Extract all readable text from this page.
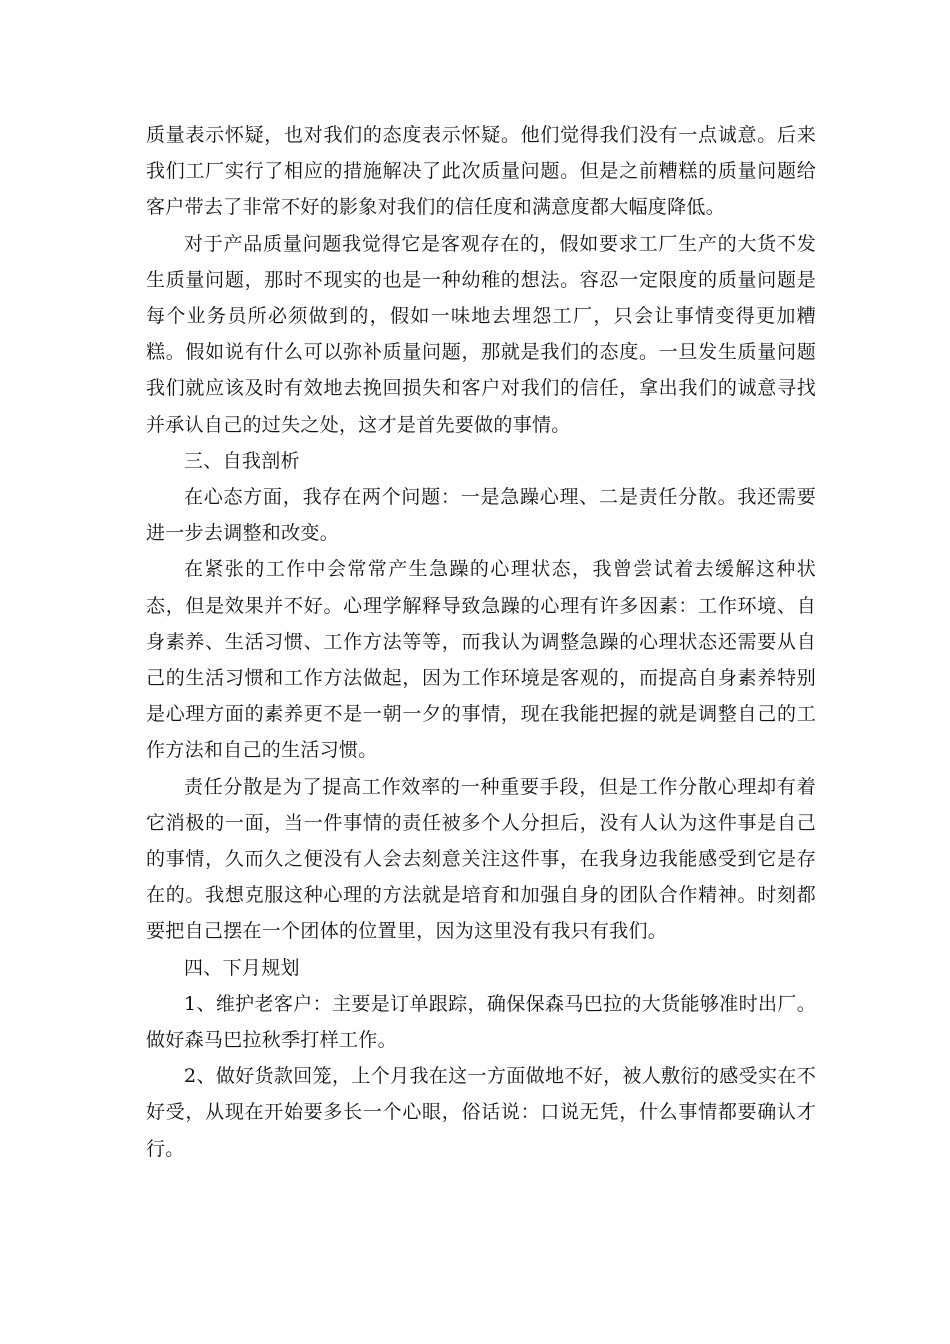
质量表示怀疑，也对我们的态度表示怀疑。他们觉得我们没有一点诚意。后来我们工厂实行了相应的措施解决了此次质量问题。但是之前糟糕的质量问题给客户带去了非常不好的影象对我们的信任度和满意度都大幅度降低。

对于产品质量问题我觉得它是客观存在的，假如要求工厂生产的大货不发生质量问题，那时不现实的也是一种幼稚的想法。容忍一定限度的质量问题是每个业务员所必须做到的，假如一味地去埋怨工厂，只会让事情变得更加糟糕。假如说有什么可以弥补质量问题，那就是我们的态度。一旦发生质量问题我们就应该及时有效地去挽回损失和客户对我们的信任，拿出我们的诚意寻找并承认自己的过失之处，这才是首先要做的事情。

三、自我剖析

在心态方面，我存在两个问题：一是急躁心理、二是责任分散。我还需要进一步去调整和改变。

在紧张的工作中会常常产生急躁的心理状态，我曾尝试着去缓解这种状态，但是效果并不好。心理学解释导致急躁的心理有许多因素：工作环境、自身素养、生活习惯、工作方法等等，而我认为调整急躁的心理状态还需要从自己的生活习惯和工作方法做起，因为工作环境是客观的，而提高自身素养特别是心理方面的素养更不是一朝一夕的事情，现在我能把握的就是调整自己的工作方法和自己的生活习惯。

责任分散是为了提高工作效率的一种重要手段，但是工作分散心理却有着它消极的一面，当一件事情的责任被多个人分担后，没有人认为这件事是自己的事情，久而久之便没有人会去刻意关注这件事，在我身边我能感受到它是存在的。我想克服这种心理的方法就是培育和加强自身的团队合作精神。时刻都要把自己摆在一个团体的位置里，因为这里没有我只有我们。

四、下月规划

1、维护老客户：主要是订单跟踪，确保保森马巴拉的大货能够准时出厂。做好森马巴拉秋季打样工作。

2、做好货款回笼，上个月我在这一方面做地不好，被人敷衍的感受实在不好受，从现在开始要多长一个心眼，俗话说：口说无凭，什么事情都要确认才行。
